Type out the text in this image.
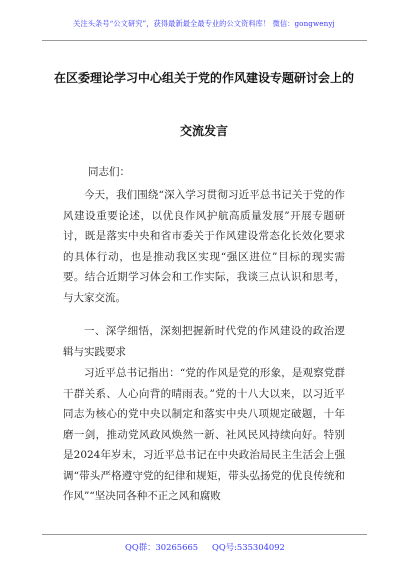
关注头条号“公文研究”，获得最新最全最专业的公文资料库！ 微信：gongwenyj
在区委理论学习中心组关于党的作风建设专题研讨会上的
交流发言
同志们：

今天，我们围绕“深入学习贯彻习近平总书记关于党的作风建设重要论述，以优良作风护航高质量发展”开展专题研讨，既是落实中央和省市委关于作风建设常态化长效化要求的具体行动，也是推动我区实现“强区进位”目标的现实需要。结合近期学习体会和工作实际，我谈三点认识和思考，与大家交流。

一、深学细悟，深刻把握新时代党的作风建设的政治逻辑与实践要求

习近平总书记指出：“党的作风是党的形象，是观察党群干群关系、人心向背的晴雨表。”党的十八大以来，以习近平同志为核心的党中央以制定和落实中央八项规定破题，十年磨一剑，推动党风政风焕然一新、社风民风持续向好。特别是2024年岁末，习近平总书记在中央政治局民主生活会上强调“带头严格遵守党的纪律和规矩，带头弘扬党的优良传统和作风”“坚决同各种不正之风和腐败

QQ群：30265665 QQ号:535304092
